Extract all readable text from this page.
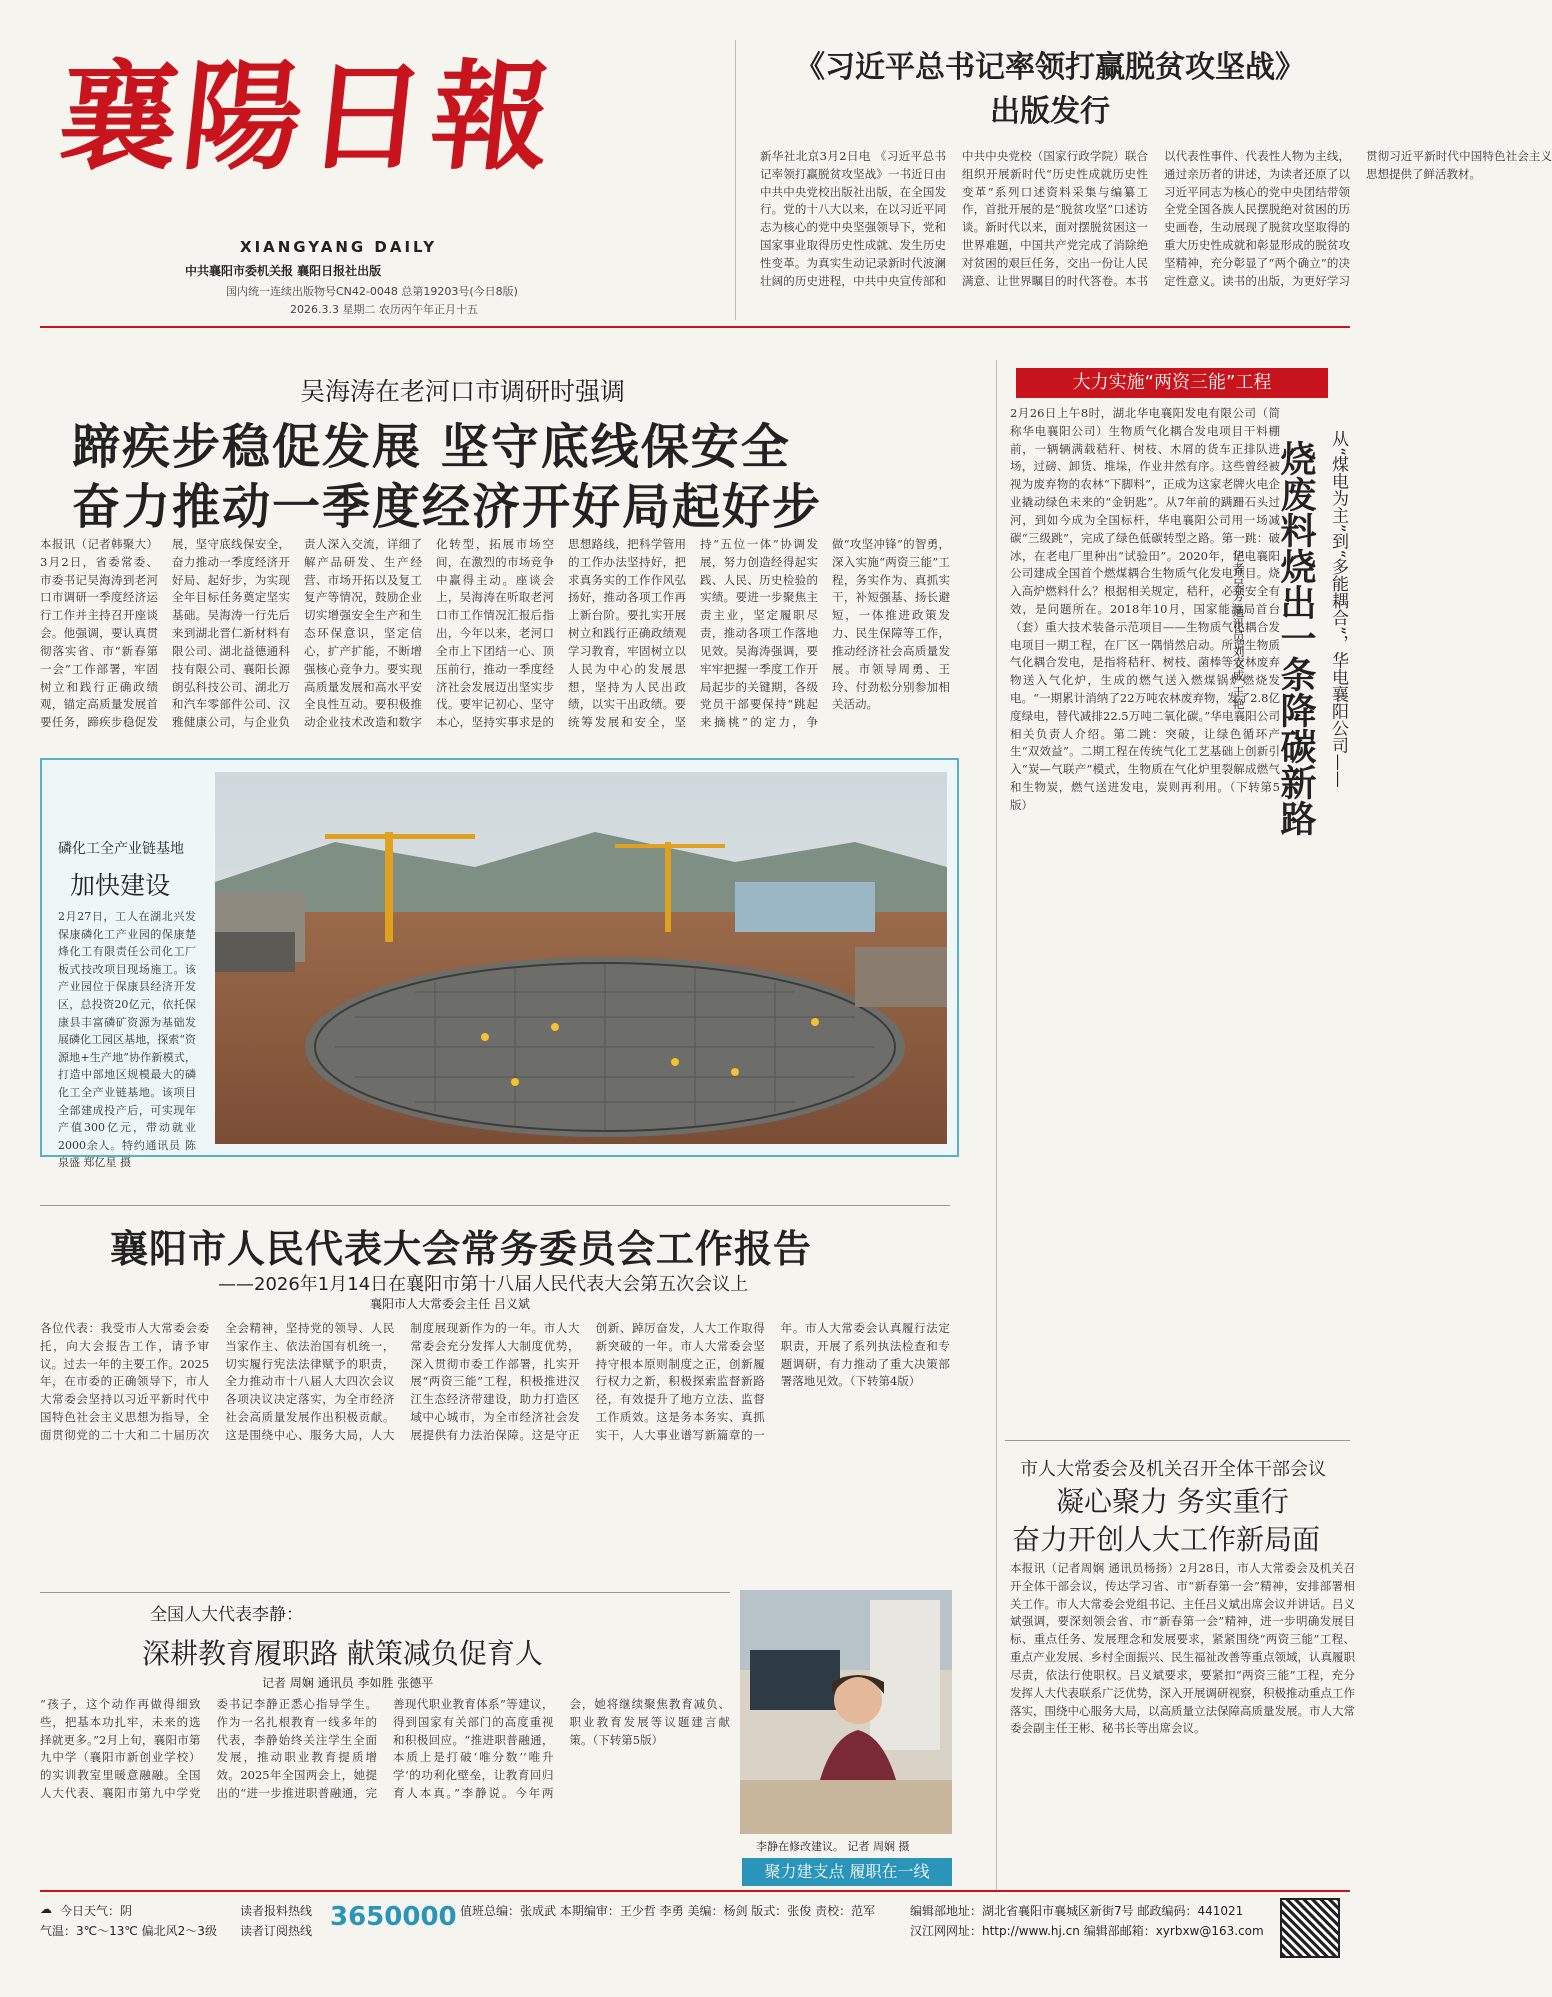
襄陽日報
XIANGYANG DAILY
中共襄阳市委机关报 襄阳日报社出版
国内统一连续出版物号CN42-0048 总第19203号(今日8版)
2026.3.3 星期二 农历丙午年正月十五
《习近平总书记率领打赢脱贫攻坚战》
出版发行
新华社北京3月2日电 《习近平总书记率领打赢脱贫攻坚战》一书近日由中共中央党校出版社出版，在全国发行。党的十八大以来，在以习近平同志为核心的党中央坚强领导下，党和国家事业取得历史性成就、发生历史性变革。为真实生动记录新时代波澜壮阔的历史进程，中共中央宣传部和中共中央党校（国家行政学院）联合组织开展新时代“历史性成就历史性变革”系列口述资料采集与编纂工作，首批开展的是“脱贫攻坚”口述访谈。新时代以来，面对摆脱贫困这一世界难题，中国共产党完成了消除绝对贫困的艰巨任务，交出一份让人民满意、让世界瞩目的时代答卷。本书以代表性事件、代表性人物为主线，通过亲历者的讲述，为读者还原了以习近平同志为核心的党中央团结带领全党全国各族人民摆脱绝对贫困的历史画卷，生动展现了脱贫攻坚取得的重大历史性成就和彰显形成的脱贫攻坚精神，充分彰显了“两个确立”的决定性意义。读书的出版，为更好学习贯彻习近平新时代中国特色社会主义思想提供了鲜活教材。
吴海涛在老河口市调研时强调
蹄疾步稳促发展 坚守底线保安全
奋力推动一季度经济开好局起好步
本报讯（记者韩聚大）3月2日，省委常委、市委书记吴海涛到老河口市调研一季度经济运行工作并主持召开座谈会。他强调，要认真贯彻落实省、市“新春第一会”工作部署，牢固树立和践行正确政绩观，锚定高质量发展首要任务，蹄疾步稳促发展，坚守底线保安全，奋力推动一季度经济开好局、起好步，为实现全年目标任务奠定坚实基础。吴海涛一行先后来到湖北晋仁新材料有限公司、湖北益德通科技有限公司、襄阳长源朗弘科技公司、湖北万和汽车零部件公司、汉雅健康公司，与企业负责人深入交流，详细了解产品研发、生产经营、市场开拓以及复工复产等情况，鼓励企业切实增强安全生产和生态环保意识，坚定信心，扩产扩能，不断增强核心竞争力。要实现高质量发展和高水平安全良性互动。要积极推动企业技术改造和数字化转型，拓展市场空间，在激烈的市场竞争中赢得主动。座谈会上，吴海涛在听取老河口市工作情况汇报后指出，今年以来，老河口全市上下团结一心、顶压前行，推动一季度经济社会发展迈出坚实步伐。要牢记初心、坚守本心，坚持实事求是的思想路线，把科学管用的工作办法坚持好，把求真务实的工作作风弘扬好，推动各项工作再上新台阶。要扎实开展树立和践行正确政绩观学习教育，牢固树立以人民为中心的发展思想，坚持为人民出政绩，以实干出政绩。要统筹发展和安全，坚持“五位一体”协调发展，努力创造经得起实践、人民、历史检验的实绩。要进一步聚焦主责主业，坚定履职尽责，推动各项工作落地见效。吴海涛强调，要牢牢把握一季度工作开局起步的关键期，各级党员干部要保持“跳起来摘桃”的定力，争做“攻坚冲锋”的智勇，深入实施“两资三能”工程，务实作为、真抓实干，补短强基、扬长避短，一体推进政策发力、民生保障等工作，推动经济社会高质量发展。市领导周勇、王玲、付劲松分别参加相关活动。
磷化工全产业链基地
加快建设
2月27日，工人在湖北兴发保康磷化工产业园的保康楚烽化工有限责任公司化工厂板式技改项目现场施工。该产业园位于保康县经济开发区，总投资20亿元，依托保康县丰富磷矿资源为基础发展磷化工园区基地，探索“资源地+生产地”协作新模式，打造中部地区规模最大的磷化工全产业链基地。该项目全部建成投产后，可实现年产值300亿元，带动就业2000余人。特约通讯员 陈泉盛 郑亿星 摄
襄阳市人民代表大会常务委员会工作报告
——2026年1月14日在襄阳市第十八届人民代表大会第五次会议上
襄阳市人大常委会主任 吕义斌
各位代表：我受市人大常委会委托，向大会报告工作，请予审议。过去一年的主要工作。2025年，在市委的正确领导下，市人大常委会坚持以习近平新时代中国特色社会主义思想为指导，全面贯彻党的二十大和二十届历次全会精神，坚持党的领导、人民当家作主、依法治国有机统一，切实履行宪法法律赋予的职责，全力推动市十八届人大四次会议各项决议决定落实，为全市经济社会高质量发展作出积极贡献。这是围绕中心、服务大局，人大制度展现新作为的一年。市人大常委会充分发挥人大制度优势，深入贯彻市委工作部署，扎实开展“两资三能”工程，积极推进汉江生态经济带建设，助力打造区域中心城市，为全市经济社会发展提供有力法治保障。这是守正创新、踔厉奋发，人大工作取得新突破的一年。市人大常委会坚持守根本原则制度之正，创新履行权力之新，积极探索监督新路径，有效提升了地方立法、监督工作质效。这是务本务实、真抓实干，人大事业谱写新篇章的一年。市人大常委会认真履行法定职责，开展了系列执法检查和专题调研，有力推动了重大决策部署落地见效。（下转第4版）
全国人大代表李静：
深耕教育履职路 献策减负促育人
记者 周娴 通讯员 李如胜 张德平
“孩子，这个动作再做得细致些，把基本功扎牢，未来的选择就更多。”2月上旬，襄阳市第九中学（襄阳市新创业学校）的实训教室里暖意融融。全国人大代表、襄阳市第九中学党委书记李静正悉心指导学生。作为一名扎根教育一线多年的代表，李静始终关注学生全面发展，推动职业教育提质增效。2025年全国两会上，她提出的“进一步推进职普融通，完善现代职业教育体系”等建议，得到国家有关部门的高度重视和积极回应。“推进职普融通，本质上是打破‘唯分数’‘唯升学’的功利化壁垒，让教育回归育人本真。”李静说。今年两会，她将继续聚焦教育减负、职业教育发展等议题建言献策。（下转第5版）
李静在修改建议。 记者 周娴 摄
聚力建支点 履职在一线
大力实施“两资三能”工程
2月26日上午8时，湖北华电襄阳发电有限公司（简称华电襄阳公司）生物质气化耦合发电项目干料棚前，一辆辆满载秸秆、树枝、木屑的货车正排队进场，过磅、卸货、堆垛，作业井然有序。这些曾经被视为废弃物的农林“下脚料”，正成为这家老牌火电企业撬动绿色未来的“金钥匙”。从7年前的蹒跚石头过河，到如今成为全国标杆，华电襄阳公司用一场减碳“三级跳”，完成了绿色低碳转型之路。第一跳：破冰，在老电厂里种出“试验田”。2020年，华电襄阳公司建成全国首个燃煤耦合生物质气化发电项目。烧入高炉燃料什么？根据相关规定，秸秆，必须安全有效，是问题所在。2018年10月，国家能源局首台（套）重大技术装备示范项目——生物质气化耦合发电项目一期工程，在厂区一隅悄然启动。所谓生物质气化耦合发电，是指将秸秆、树枝、菌棒等农林废弃物送入气化炉，生成的燃气送入燃煤锅炉燃烧发电。“一期累计消纳了22万吨农林废弃物，发了2.8亿度绿电，替代减排22.5万吨二氧化碳。”华电襄阳公司相关负责人介绍。第二跳：突破，让绿色循环产生“双效益”。二期工程在传统气化工艺基础上创新引入“炭—气联产”模式，生物质在气化炉里裂解成燃气和生物炭，燃气送进发电，炭则再利用。（下转第5版）
从“煤电为主”到“多能耦合”，华电襄阳公司——
烧废料烧出一条降碳新路
记者 吴芳 通讯员 刘文成 王艳
市人大常委会及机关召开全体干部会议
凝心聚力 务实重行
奋力开创人大工作新局面
本报讯（记者周娴 通讯员杨扬）2月28日，市人大常委会及机关召开全体干部会议，传达学习省、市“新春第一会”精神，安排部署相关工作。市人大常委会党组书记、主任吕义斌出席会议并讲话。吕义斌强调，要深刻领会省、市“新春第一会”精神，进一步明确发展目标、重点任务、发展理念和发展要求，紧紧围绕“两资三能”工程、重点产业发展、乡村全面振兴、民生福祉改善等重点领域，认真履职尽责，依法行使职权。吕义斌要求，要紧扣“两资三能”工程，充分发挥人大代表联系广泛优势，深入开展调研视察，积极推动重点工作落实，围绕中心服务大局，以高质量立法保障高质量发展。市人大常委会副主任王彬、秘书长等出席会议。
☁ 今日天气：阴
气温：3℃～13℃ 偏北风2～3级
读者报料热线
读者订阅热线 3650000 值班总编：张成武 本期编审：王少哲 李勇 美编：杨剑 版式：张俊 责校：范军	编辑部地址：湖北省襄阳市襄城区新街7号 邮政编码：441021
汉江网网址：http://www.hj.cn 编辑部邮箱：xyrbxw@163.com
